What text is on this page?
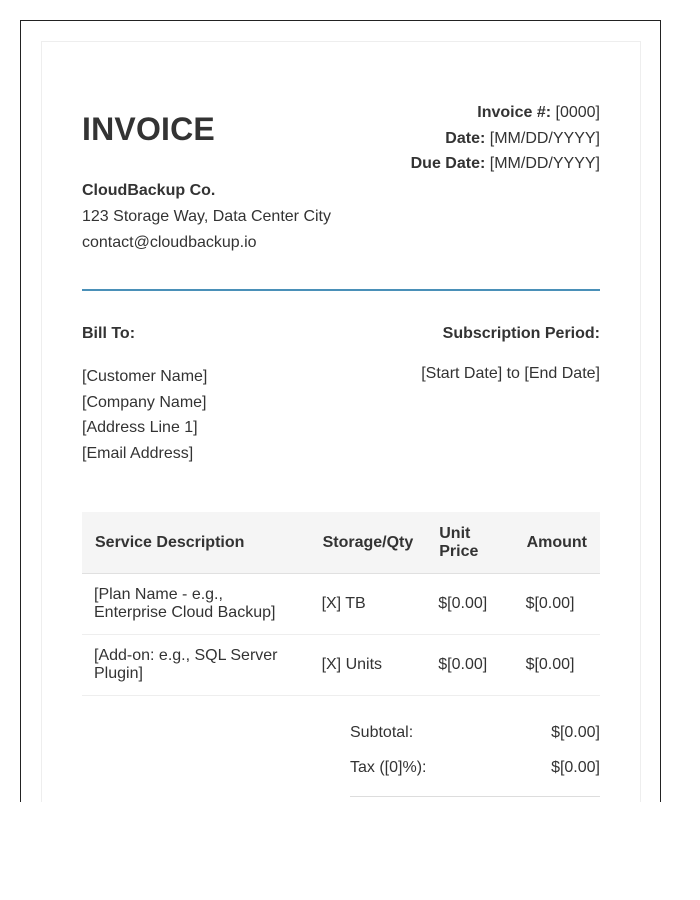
INVOICE	Invoice #: [0000]
Date: [MM/DD/YYYY]
Due Date: [MM/DD/YYYY]
CloudBackup Co.
123 Storage Way, Data Center City
contact@cloudbackup.io
Bill To:
[Customer Name]
[Company Name]
[Address Line 1]
[Email Address]
Subscription Period:
[Start Date] to [End Date]
Service Description	Storage/Qty	Unit Price	Amount
[Plan Name - e.g., Enterprise Cloud Backup]	[X] TB	$[0.00]	$[0.00]
[Add-on: e.g., SQL Server Plugin]	[X] Units	$[0.00]	$[0.00]
Subtotal:	$[0.00]
Tax ([0]%):	$[0.00]
